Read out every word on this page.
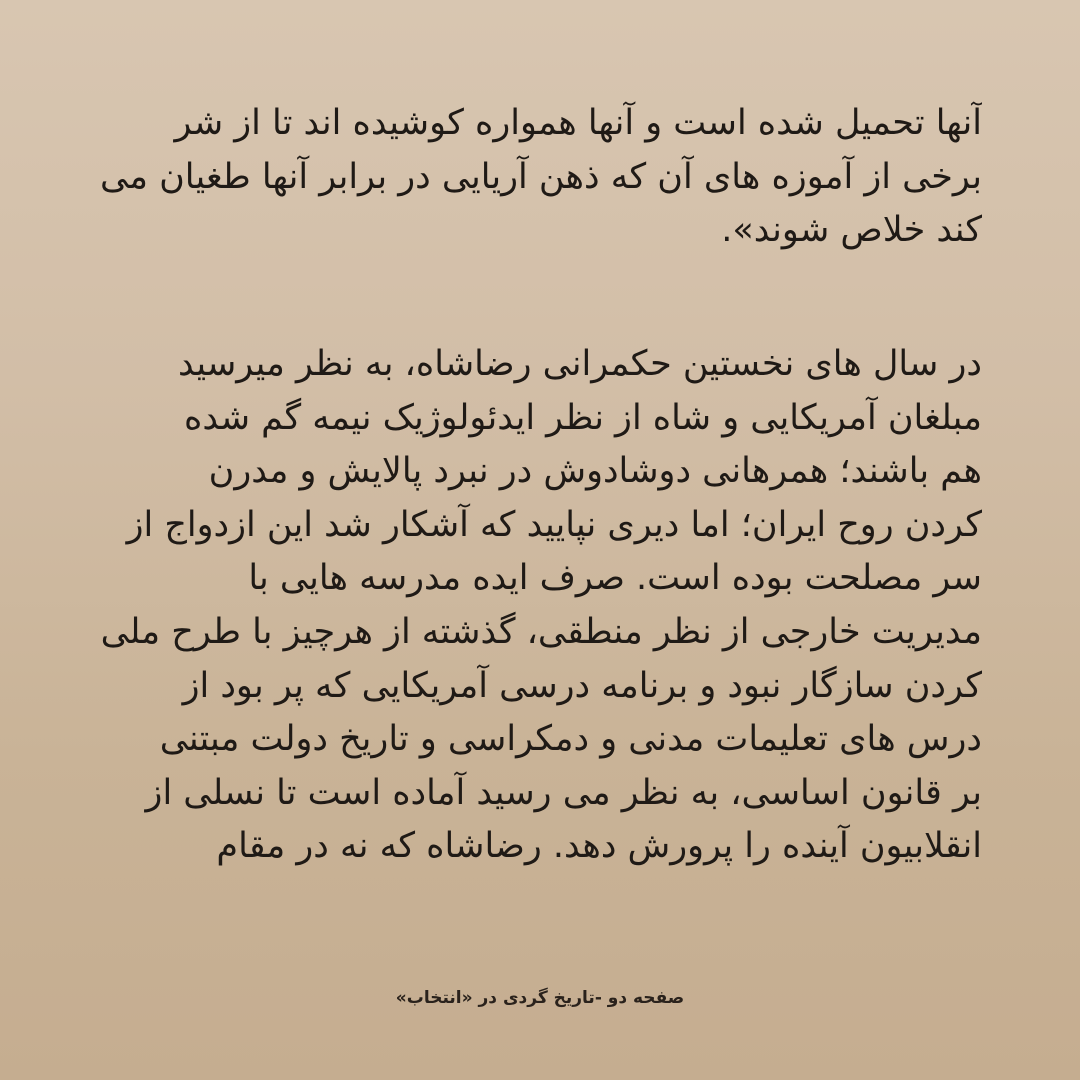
آنها تحمیل شده است و آنها همواره کوشیده اند تا از شر
برخی از آموزه های آن که ذهن آریایی در برابر آنها طغیان می
کند خلاص شوند».
در سال های نخستین حکمرانی رضاشاه، به نظر میرسید
مبلغان آمریکایی و شاه از نظر ایدئولوژیک نیمه گم شده
هم باشند؛ همرهانی دوشادوش در نبرد پالایش و مدرن
کردن روح ایران؛ اما دیری نپایید که آشکار شد این ازدواج از
سر مصلحت بوده است. صرف ایده مدرسه هایی با
مدیریت خارجی از نظر منطقی، گذشته از هرچیز با طرح ملی
کردن سازگار نبود و برنامه درسی آمریکایی که پر بود از
درس های تعلیمات مدنی و دمکراسی و تاریخ دولت مبتنی
بر قانون اساسی، به نظر می رسید آماده است تا نسلی از
انقلابیون آینده را پرورش دهد. رضاشاه که نه در مقام
صفحه دو -تاریخ گردی در «انتخاب»
